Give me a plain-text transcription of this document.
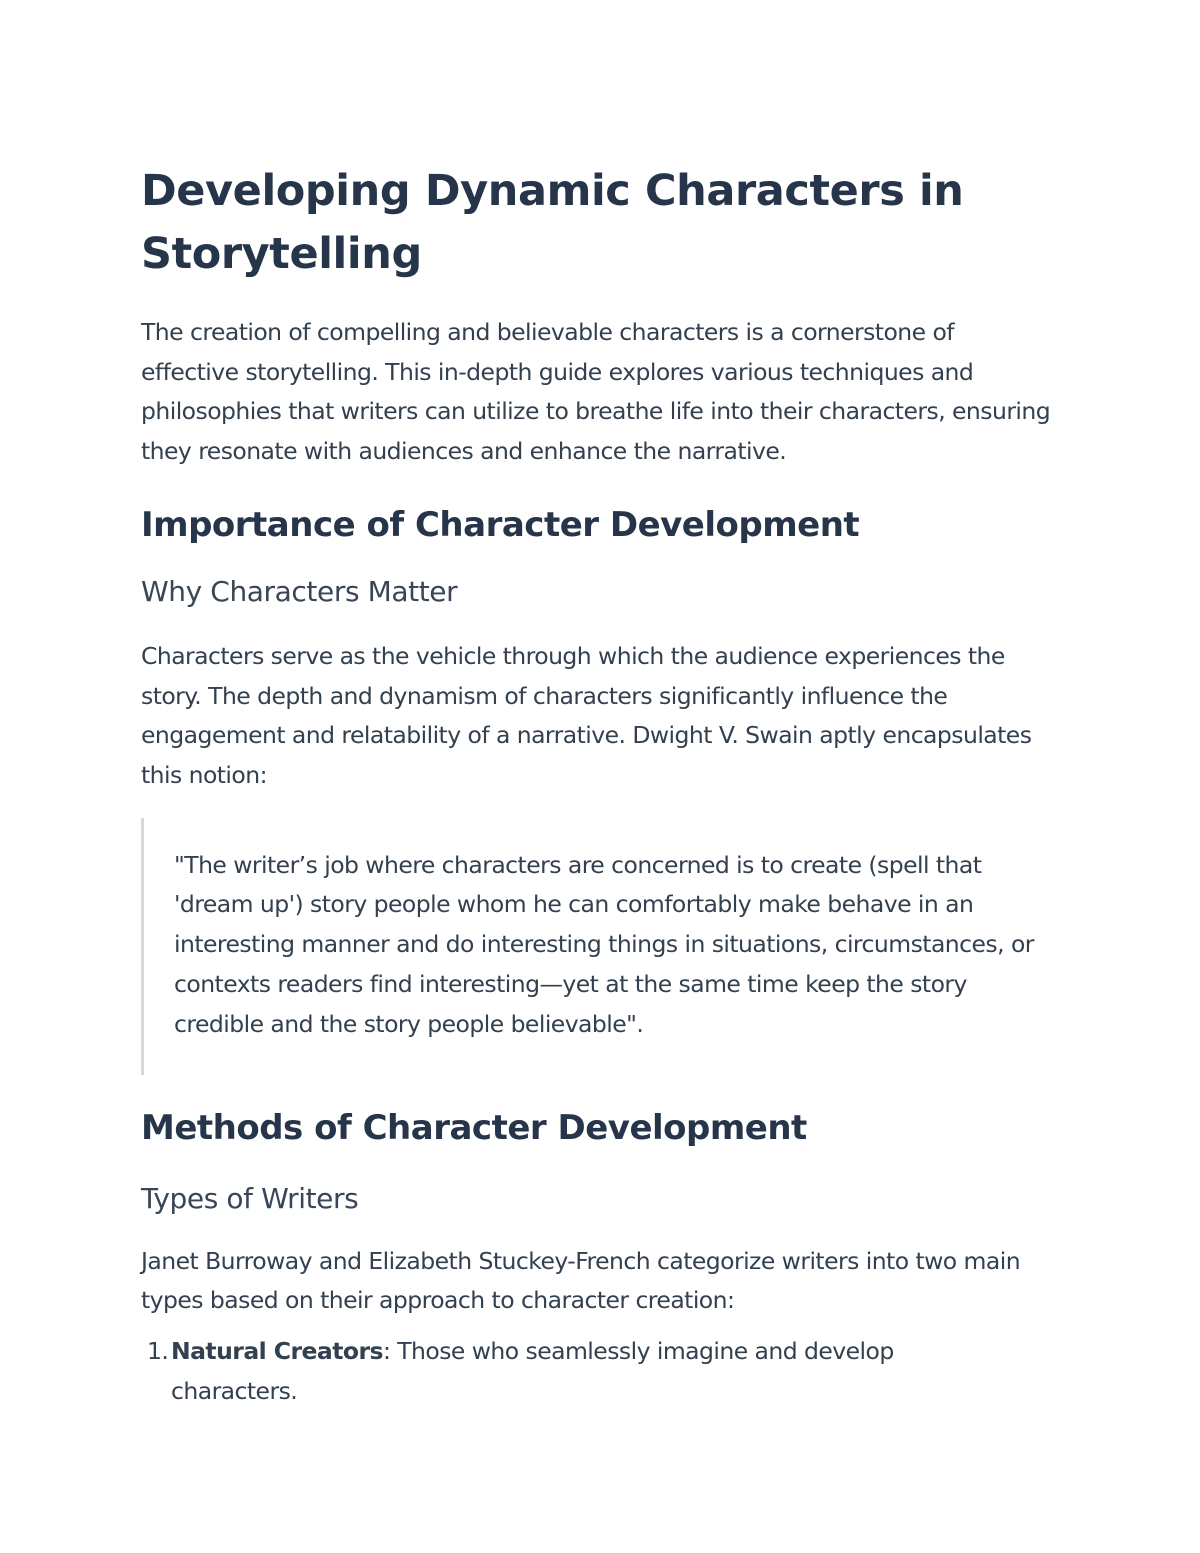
Developing Dynamic Characters in Storytelling

The creation of compelling and believable characters is a cornerstone of effective storytelling. This in-depth guide explores various techniques and philosophies that writers can utilize to breathe life into their characters, ensuring they resonate with audiences and enhance the narrative.

Importance of Character Development
Why Characters Matter

Characters serve as the vehicle through which the audience experiences the story. The depth and dynamism of characters significantly influence the engagement and relatability of a narrative. Dwight V. Swain aptly encapsulates this notion:

"The writer’s job where characters are concerned is to create (spell that 'dream up') story people whom he can comfortably make behave in an interesting manner and do interesting things in situations, circumstances, or contexts readers find interesting—yet at the same time keep the story credible and the story people believable".

Methods of Character Development
Types of Writers

Janet Burroway and Elizabeth Stuckey-French categorize writers into two main types based on their approach to character creation:

1. Natural Creators: Those who seamlessly imagine and develop characters.
